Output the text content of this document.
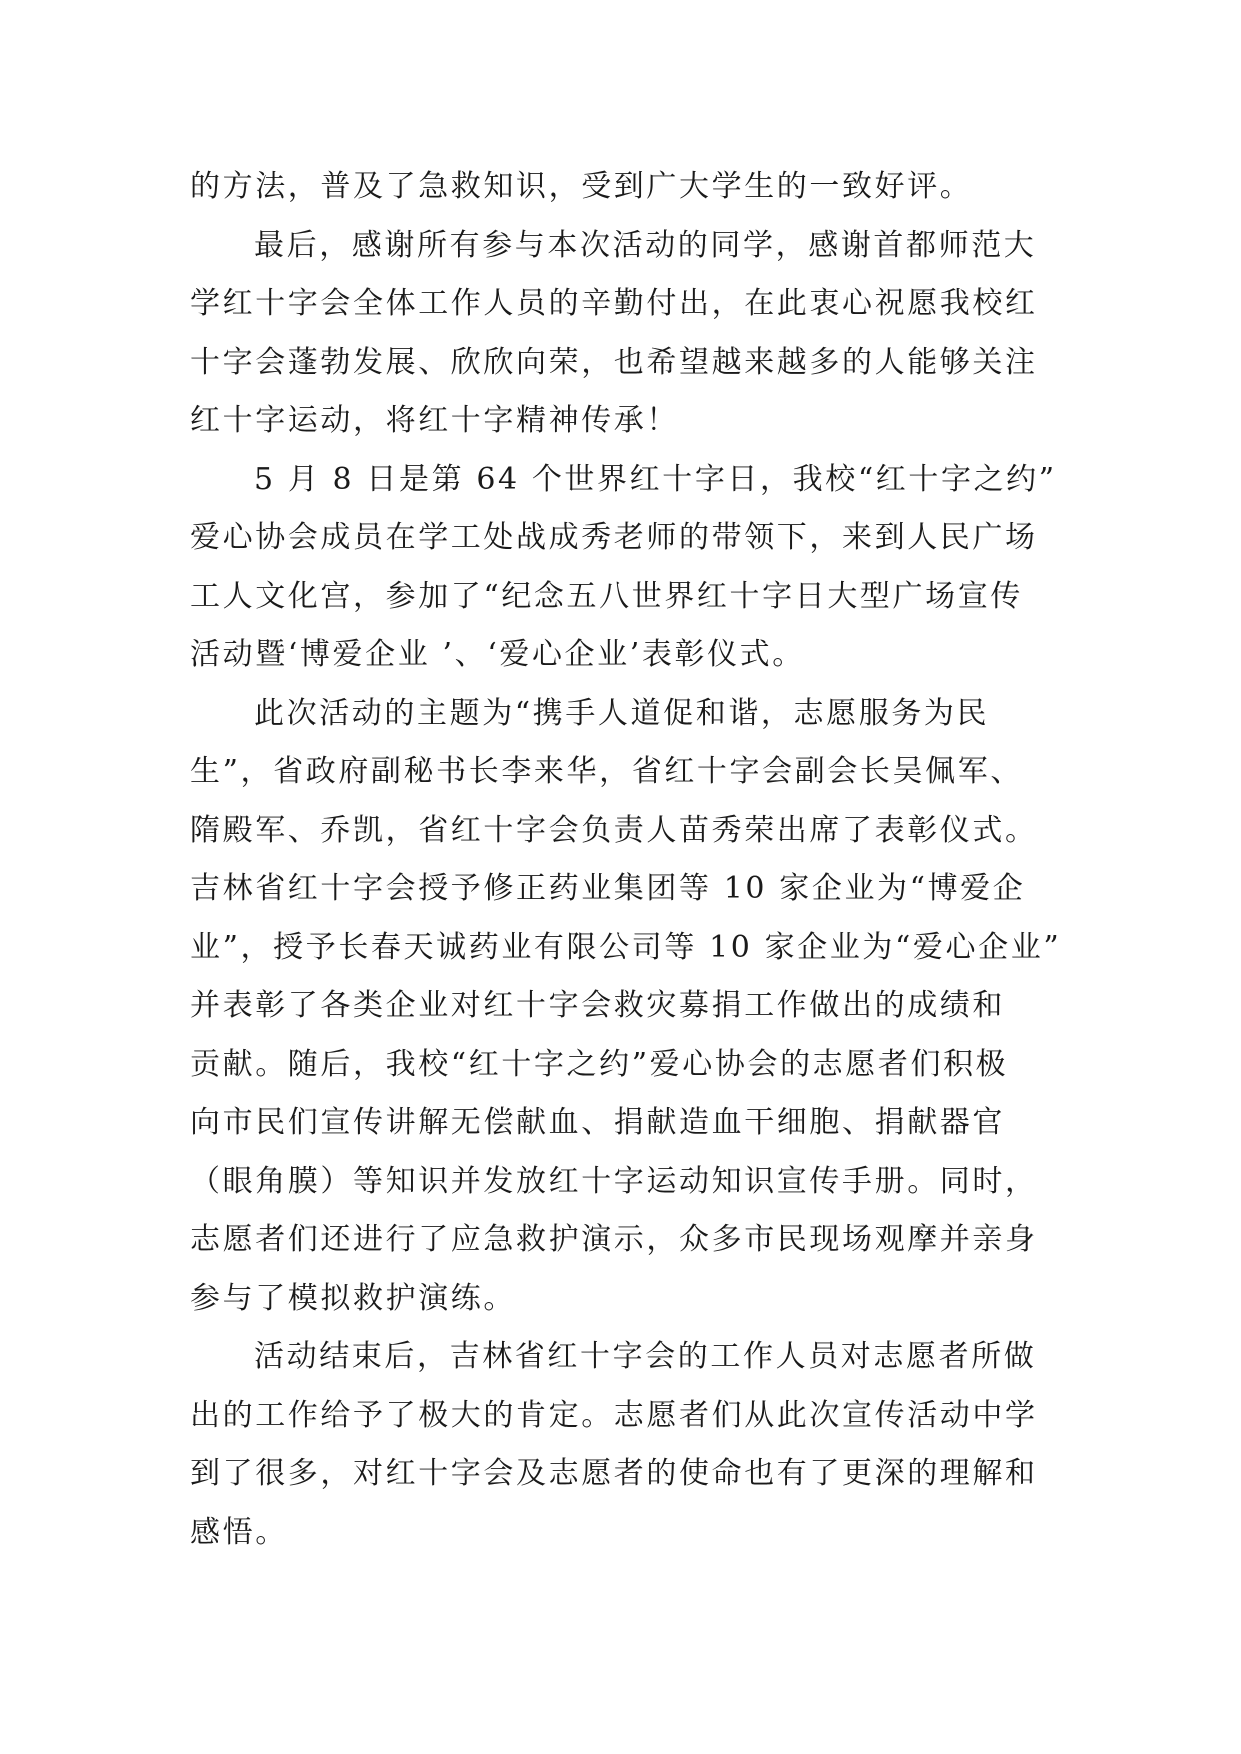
的方法，普及了急救知识，受到广大学生的一致好评。
最后，感谢所有参与本次活动的同学，感谢首都师范大
学红十字会全体工作人员的辛勤付出，在此衷心祝愿我校红
十字会蓬勃发展、欣欣向荣，也希望越来越多的人能够关注
红十字运动，将红十字精神传承！
5 月 8 日是第 64 个世界红十字日，我校“红十字之约”
爱心协会成员在学工处战成秀老师的带领下，来到人民广场
工人文化宫，参加了“纪念五八世界红十字日大型广场宣传
活动暨‘博爱企业 ’、‘爱心企业’表彰仪式。
此次活动的主题为“携手人道促和谐，志愿服务为民
生”，省政府副秘书长李来华，省红十字会副会长吴佩军、
隋殿军、乔凯，省红十字会负责人苗秀荣出席了表彰仪式。
吉林省红十字会授予修正药业集团等 10 家企业为“博爱企
业”，授予长春天诚药业有限公司等 10 家企业为“爱心企业”
并表彰了各类企业对红十字会救灾募捐工作做出的成绩和
贡献。随后，我校“红十字之约”爱心协会的志愿者们积极
向市民们宣传讲解无偿献血、捐献造血干细胞、捐献器官
（眼角膜）等知识并发放红十字运动知识宣传手册。同时，
志愿者们还进行了应急救护演示，众多市民现场观摩并亲身
参与了模拟救护演练。
活动结束后，吉林省红十字会的工作人员对志愿者所做
出的工作给予了极大的肯定。志愿者们从此次宣传活动中学
到了很多，对红十字会及志愿者的使命也有了更深的理解和
感悟。
